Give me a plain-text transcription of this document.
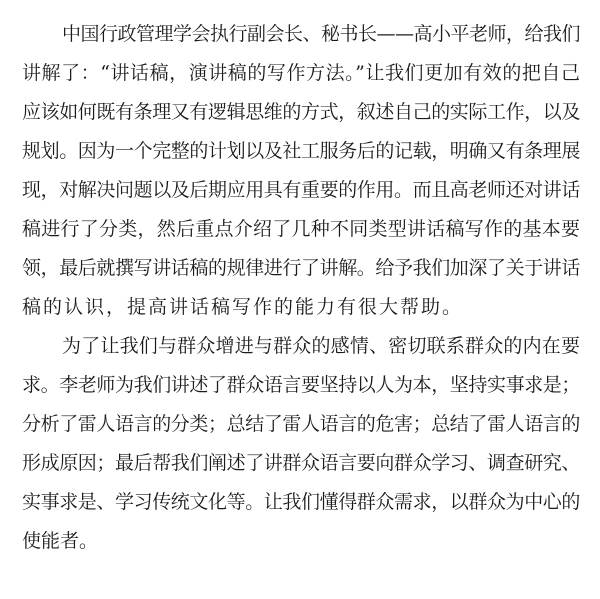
中国行政管理学会执行副会长、秘书长——高小平老师，给我们
讲解了：“讲话稿，演讲稿的写作方法。”让我们更加有效的把自己
应该如何既有条理又有逻辑思维的方式，叙述自己的实际工作，以及
规划。因为一个完整的计划以及社工服务后的记载，明确又有条理展
现，对解决问题以及后期应用具有重要的作用。而且高老师还对讲话
稿进行了分类，然后重点介绍了几种不同类型讲话稿写作的基本要
领，最后就撰写讲话稿的规律进行了讲解。给予我们加深了关于讲话
稿的认识，提高讲话稿写作的能力有很大帮助。
为了让我们与群众增进与群众的感情、密切联系群众的内在要
求。李老师为我们讲述了群众语言要坚持以人为本，坚持实事求是；
分析了雷人语言的分类；总结了雷人语言的危害；总结了雷人语言的
形成原因；最后帮我们阐述了讲群众语言要向群众学习、调查研究、
实事求是、学习传统文化等。让我们懂得群众需求，以群众为中心的
使能者。
